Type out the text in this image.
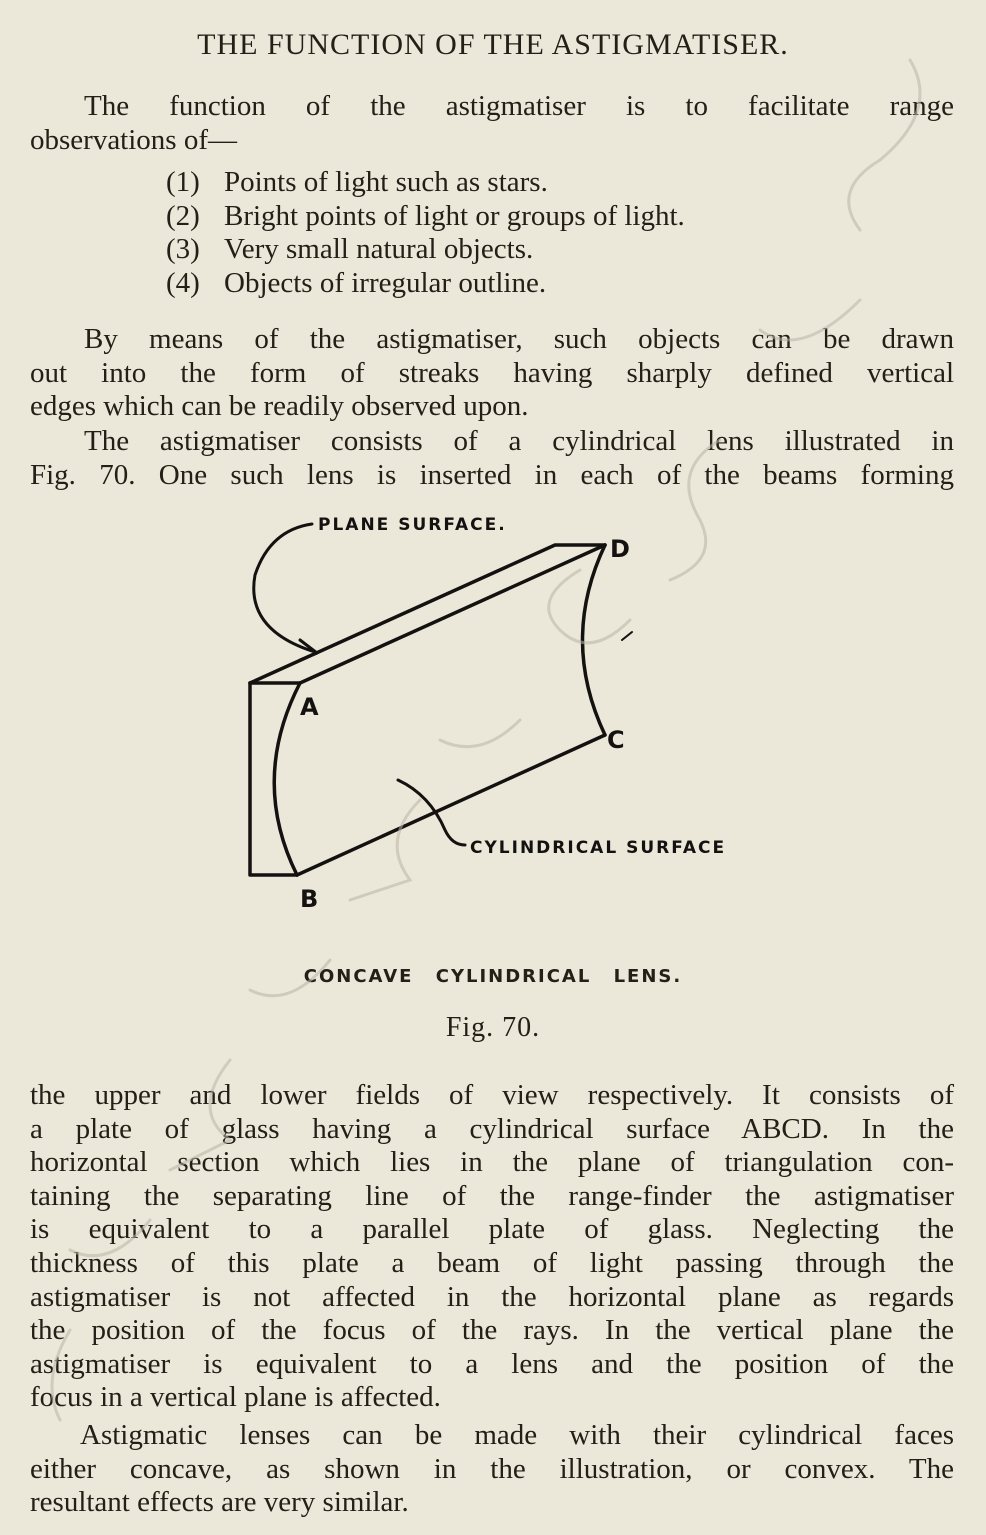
THE FUNCTION OF THE ASTIGMATISER.
The function of the astigmatiser is to facilitate range
observations of—
(1) Points of light such as stars.
(2) Bright points of light or groups of light.
(3) Very small natural objects.
(4) Objects of irregular outline.
By means of the astigmatiser, such objects can be drawn
out into the form of streaks having sharply defined vertical
edges which can be readily observed upon.
The astigmatiser consists of a cylindrical lens illustrated in
Fig. 70. One such lens is inserted in each of the beams forming
PLANE SURFACE.
CYLINDRICAL SURFACE
A
B
C
D
CONCAVE CYLINDRICAL LENS.
Fig. 70.
the upper and lower fields of view respectively. It consists of
a plate of glass having a cylindrical surface ABCD. In the
horizontal section which lies in the plane of triangulation con-
taining the separating line of the range-finder the astigmatiser
is equivalent to a parallel plate of glass. Neglecting the
thickness of this plate a beam of light passing through the
astigmatiser is not affected in the horizontal plane as regards
the position of the focus of the rays. In the vertical plane the
astigmatiser is equivalent to a lens and the position of the
focus in a vertical plane is affected.
Astigmatic lenses can be made with their cylindrical faces
either concave, as shown in the illustration, or convex. The
resultant effects are very similar.
